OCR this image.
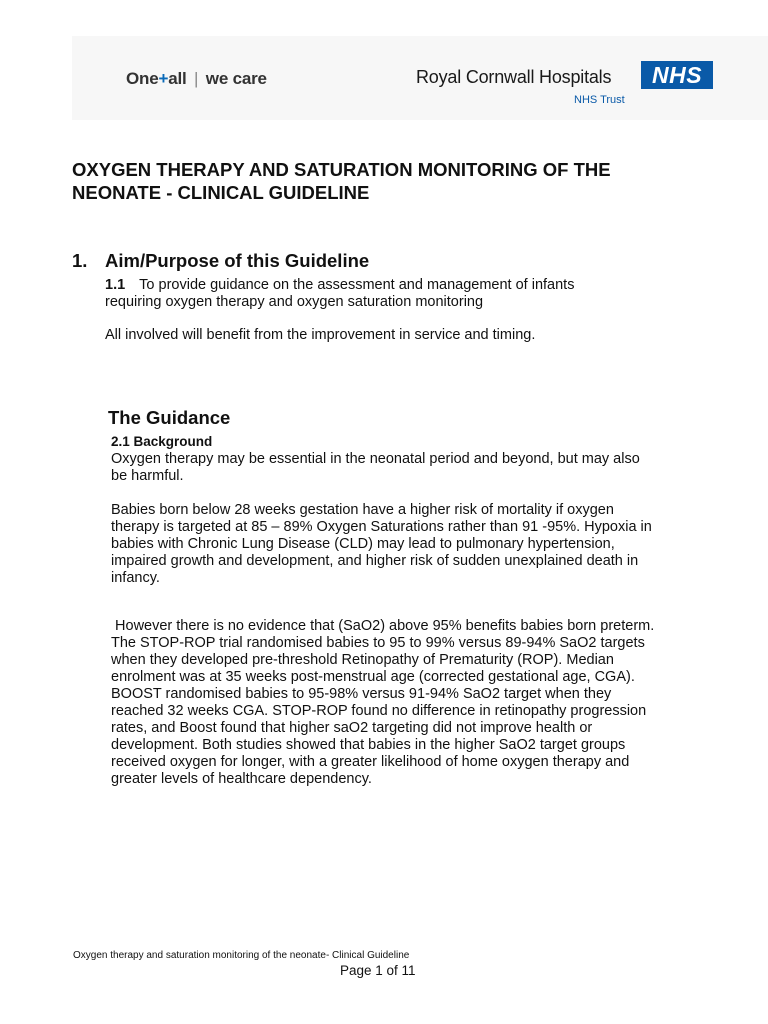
One+all | we care	Royal Cornwall Hospitals
NHS Trust
NHS
OXYGEN THERAPY AND SATURATION MONITORING OF THE
NEONATE - CLINICAL GUIDELINE
1. Aim/Purpose of this Guideline
1.1 To provide guidance on the assessment and management of infants
requiring oxygen therapy and oxygen saturation monitoring
All involved will benefit from the improvement in service and timing.
The Guidance
2.1 Background

Oxygen therapy may be essential in the neonatal period and beyond, but may also
be harmful.

Babies born below 28 weeks gestation have a higher risk of mortality if oxygen
therapy is targeted at 85 – 89% Oxygen Saturations rather than 91 -95%. Hypoxia in
babies with Chronic Lung Disease (CLD) may lead to pulmonary hypertension,
impaired growth and development, and higher risk of sudden unexplained death in
infancy.

However there is no evidence that (SaO2) above 95% benefits babies born preterm.
The STOP-ROP trial randomised babies to 95 to 99% versus 89-94% SaO2 targets
when they developed pre-threshold Retinopathy of Prematurity (ROP). Median
enrolment was at 35 weeks post-menstrual age (corrected gestational age, CGA).
BOOST randomised babies to 95-98% versus 91-94% SaO2 target when they
reached 32 weeks CGA. STOP-ROP found no difference in retinopathy progression
rates, and Boost found that higher saO2 targeting did not improve health or
development. Both studies showed that babies in the higher SaO2 target groups
received oxygen for longer, with a greater likelihood of home oxygen therapy and
greater levels of healthcare dependency.

Oxygen therapy and saturation monitoring of the neonate- Clinical Guideline
Page 1 of 11
